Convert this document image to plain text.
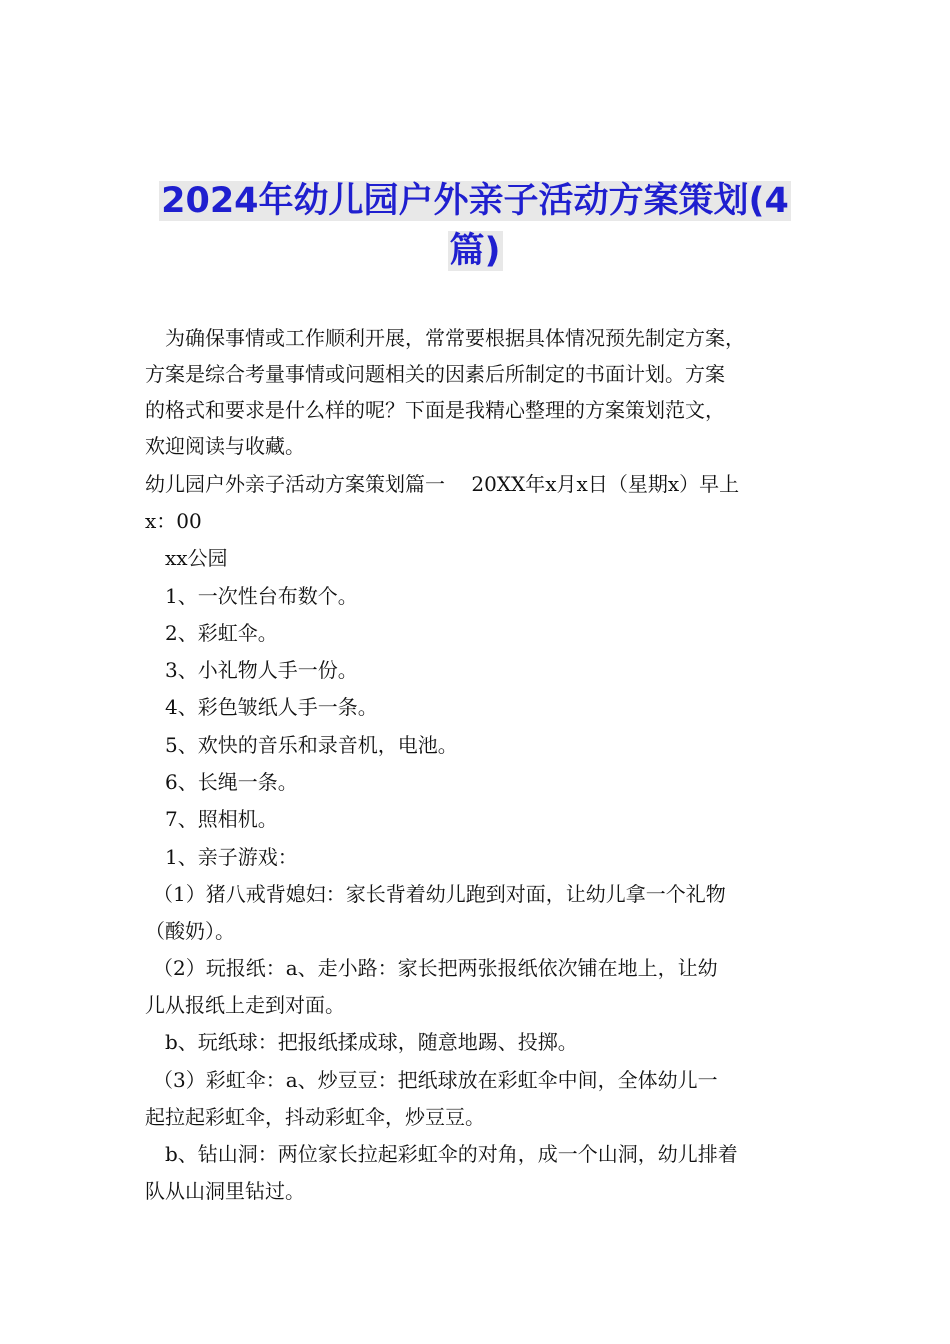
2024年幼儿园户外亲子活动方案策划(4
篇)

为确保事情或工作顺利开展，常常要根据具体情况预先制定方案，

方案是综合考量事情或问题相关的因素后所制定的书面计划。方案

的格式和要求是什么样的呢？下面是我精心整理的方案策划范文，

欢迎阅读与收藏。

幼儿园户外亲子活动方案策划篇一　 20XX年x月x日（星期x）早上
x：00
xx公园
1、一次性台布数个。
2、彩虹伞。
3、小礼物人手一份。
4、彩色皱纸人手一条。
5、欢快的音乐和录音机，电池。
6、长绳一条。
7、照相机。
1、亲子游戏：
（1）猪八戒背媳妇：家长背着幼儿跑到对面，让幼儿拿一个礼物
（酸奶）。
（2）玩报纸：a、走小路：家长把两张报纸依次铺在地上，让幼
儿从报纸上走到对面。
b、玩纸球：把报纸揉成球，随意地踢、投掷。
（3）彩虹伞：a、炒豆豆：把纸球放在彩虹伞中间，全体幼儿一
起拉起彩虹伞，抖动彩虹伞，炒豆豆。
b、钻山洞：两位家长拉起彩虹伞的对角，成一个山洞，幼儿排着
队从山洞里钻过。
